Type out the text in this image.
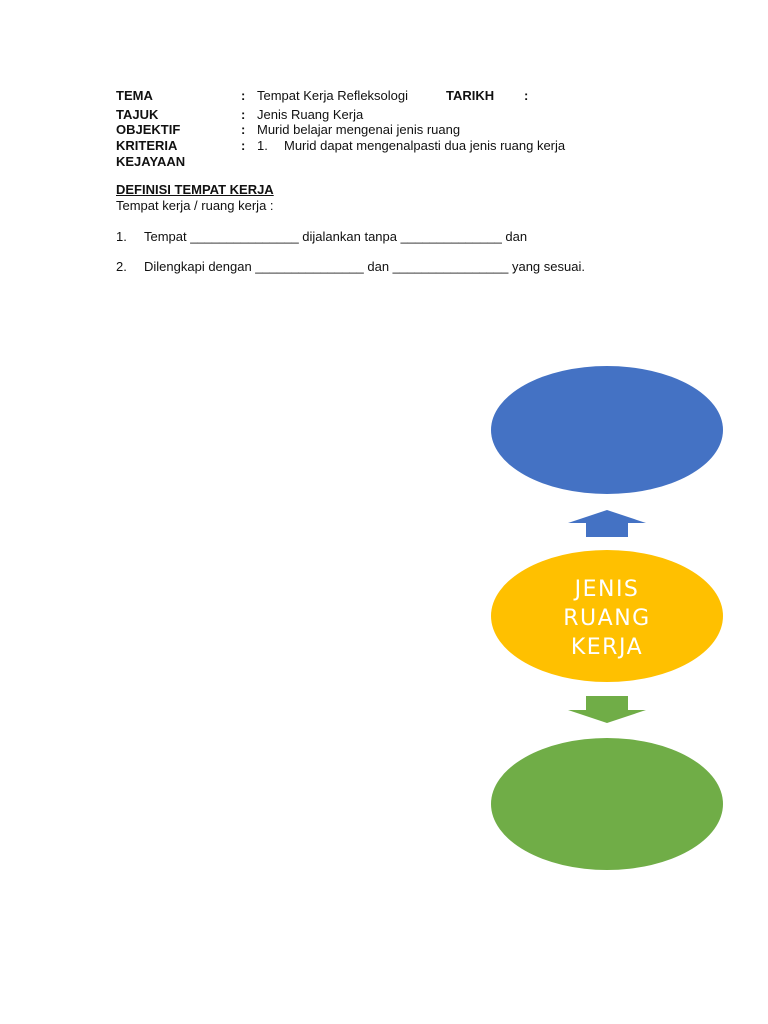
TEMA	: Tempat Kerja Refleksologi	TARIKH :
TAJUK	: Jenis Ruang Kerja
OBJEKTIF	: Murid belajar mengenai jenis ruang
KRITERIA	: 1. Murid dapat mengenalpasti dua jenis ruang kerja
KEJAYAAN
DEFINISI TEMPAT KERJA
Tempat kerja / ruang kerja :
1. Tempat _______________ dijalankan tanpa ______________ dan
2. Dilengkapi dengan _______________ dan ________________ yang sesuai.
JENIS
RUANG
KERJA
